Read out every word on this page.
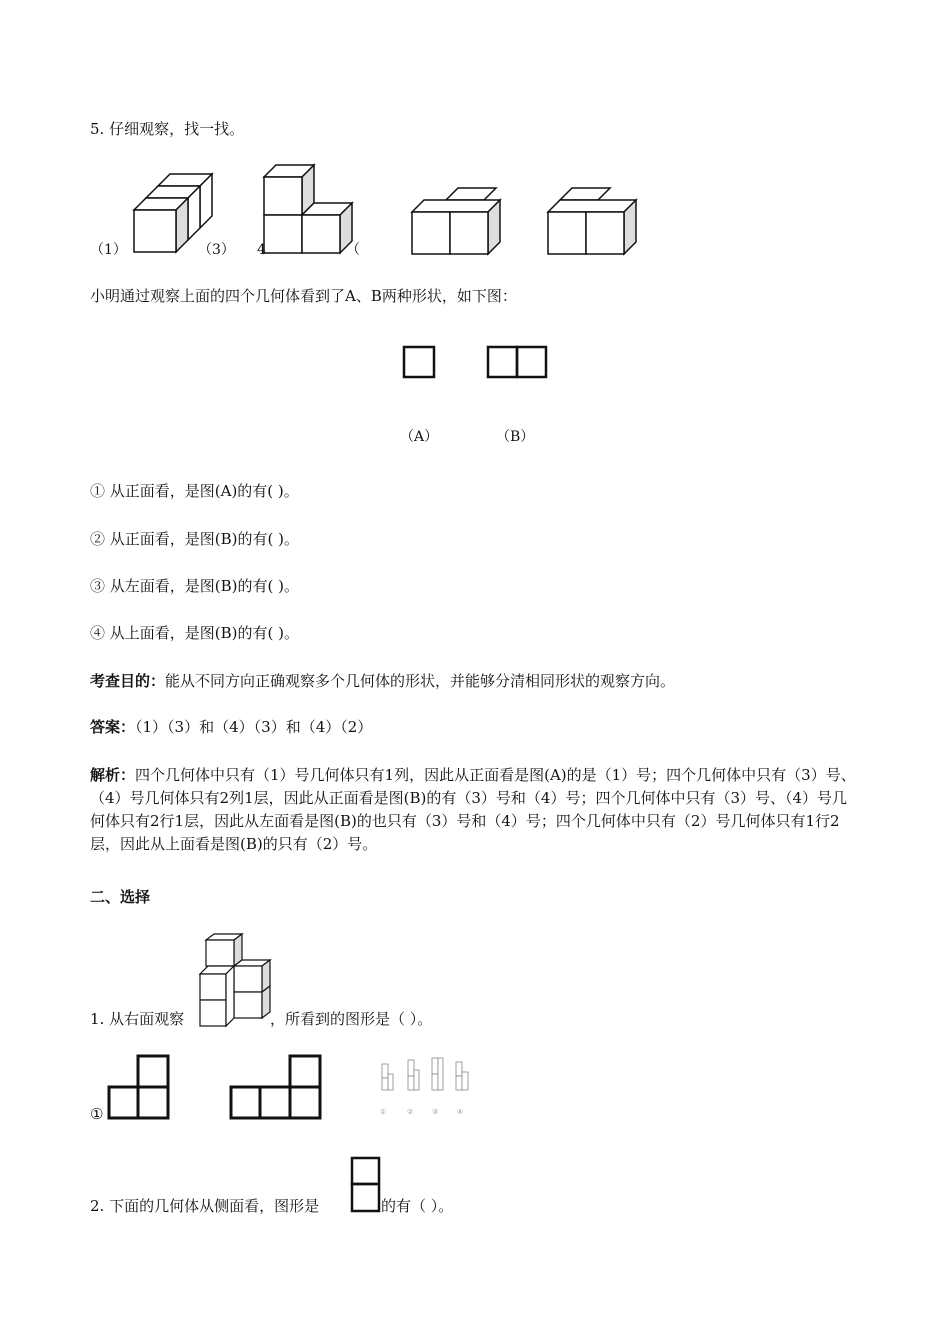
5. 仔细观察，找一找。
（1）	（3） 4	（
小明通过观察上面的四个几何体看到了A、B两种形状，如下图：
（A）	（B）
① 从正面看，是图(A)的有( )。
② 从正面看，是图(B)的有( )。
③ 从左面看，是图(B)的有( )。
④ 从上面看，是图(B)的有( )。
考查目的：能从不同方向正确观察多个几何体的形状，并能够分清相同形状的观察方向。
答案：（1）（3）和（4）（3）和（4）（2）
解析：四个几何体中只有（1）号几何体只有1列，因此从正面看是图(A)的是（1）号；四个几何体中只有（3）号、（4）号几何体只有2列1层，因此从正面看是图(B)的有（3）号和（4）号；四个几何体中只有（3）号、（4）号几何体只有2行1层，因此从左面看是图(B)的也只有（3）号和（4）号；四个几何体中只有（2）号几何体只有1行2层，因此从上面看是图(B)的只有（2）号。
二、选择
1. 从右面观察	，所看到的图形是（ ）。
①	①	②	③	④
2. 下面的几何体从侧面看，图形是	的有（ ）。
